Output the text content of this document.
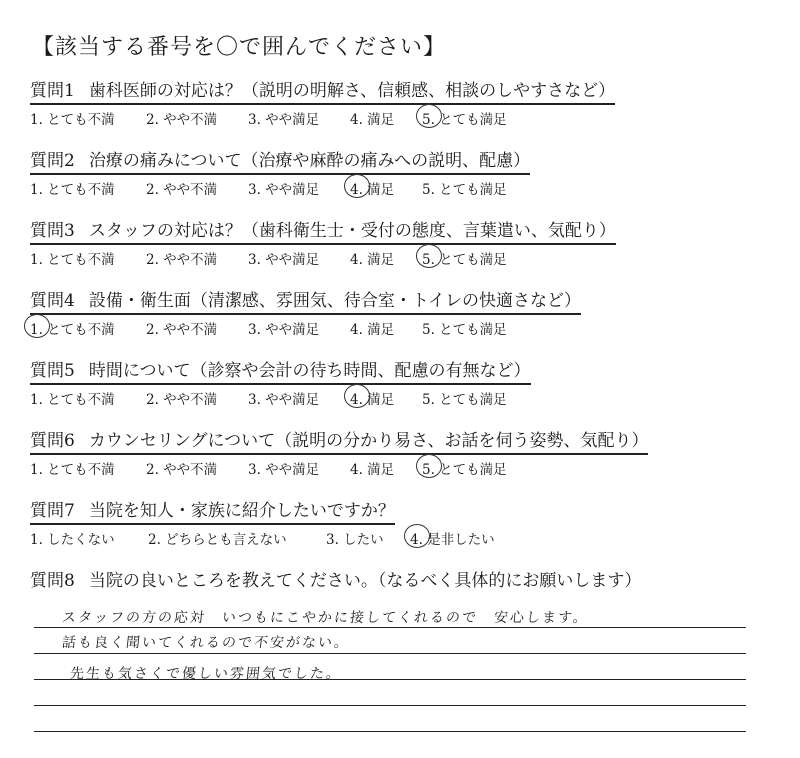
【該当する番号を〇で囲んでください】
質問1 歯科医師の対応は？（説明の明解さ、信頼感、相談のしやすさなど）
1. とても不満 2. やや不満 3. やや満足 4. 満足 5. とても満足
質問2 治療の痛みについて（治療や麻酔の痛みへの説明、配慮）
1. とても不満 2. やや不満 3. やや満足 4. 満足 5. とても満足
質問3 スタッフの対応は？（歯科衛生士・受付の態度、言葉遣い、気配り）
1. とても不満 2. やや不満 3. やや満足 4. 満足 5. とても満足
質問4 設備・衛生面（清潔感、雰囲気、待合室・トイレの快適さなど）
1. とても不満 2. やや不満 3. やや満足 4. 満足 5. とても満足
質問5 時間について（診察や会計の待ち時間、配慮の有無など）
1. とても不満 2. やや不満 3. やや満足 4. 満足 5. とても満足
質問6 カウンセリングについて（説明の分かり易さ、お話を伺う姿勢、気配り）
1. とても不満 2. やや不満 3. やや満足 4. 満足 5. とても満足
質問7 当院を知人・家族に紹介したいですか？
1. したくない 2. どちらとも言えない	3. したい 4. 是非したい
質問8 当院の良いところを教えてください。（なるべく具体的にお願いします）
スタッフの方の応対　いつもにこやかに接してくれるので　安心します。
話も良く聞いてくれるので不安がない。
先生も気さくで優しい雰囲気でした。
